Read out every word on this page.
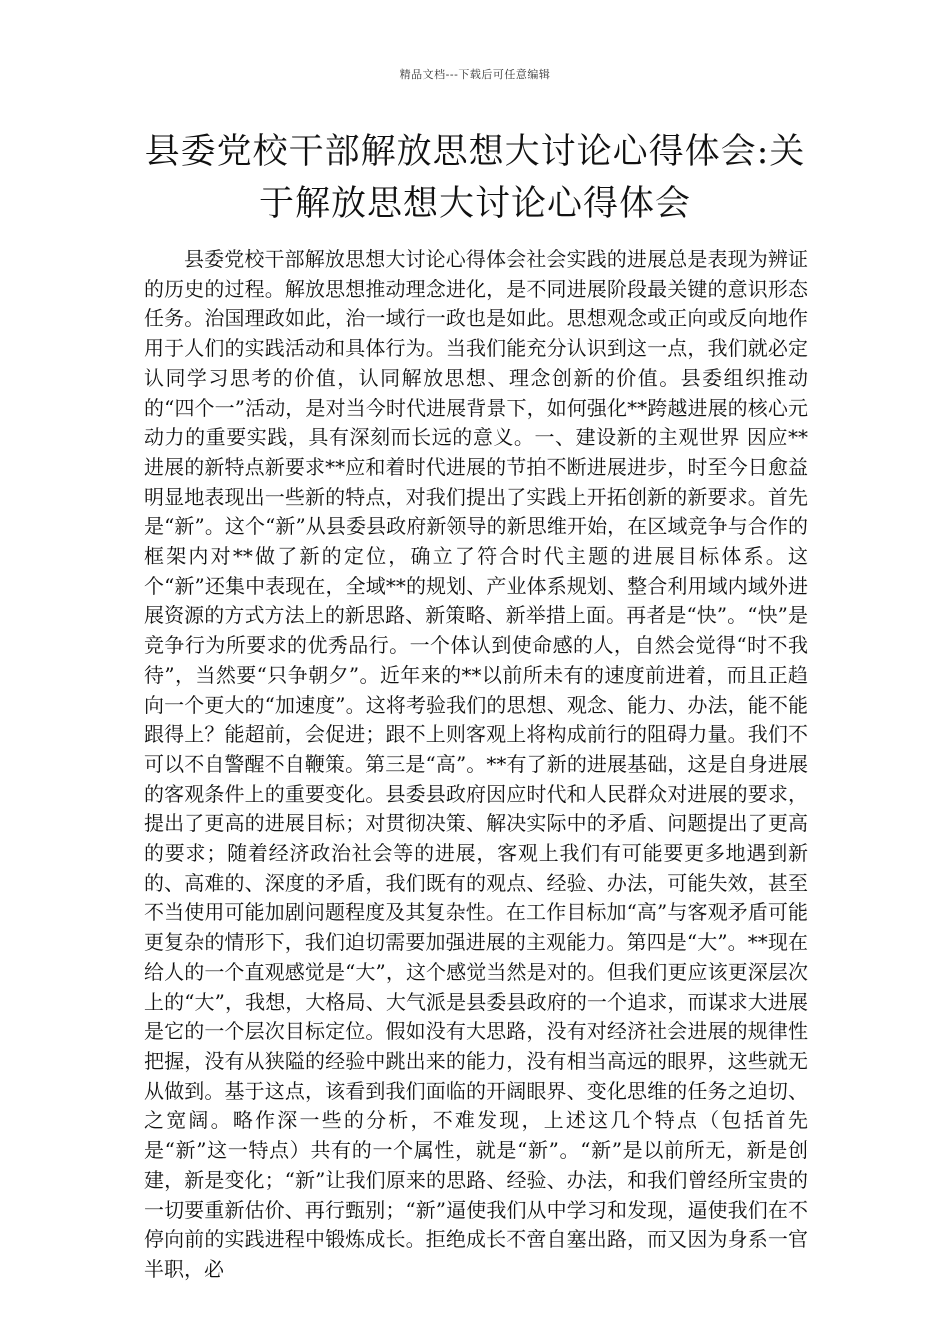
精品文档---下载后可任意编辑
县委党校干部解放思想大讨论心得体会:关于解放思想大讨论心得体会

县委党校干部解放思想大讨论心得体会社会实践的进展总是表现为辨证的历史的过程。解放思想推动理念进化，是不同进展阶段最关键的意识形态任务。治国理政如此，治一域行一政也是如此。思想观念或正向或反向地作用于人们的实践活动和具体行为。当我们能充分认识到这一点，我们就必定认同学习思考的价值，认同解放思想、理念创新的价值。县委组织推动的“四个一”活动，是对当今时代进展背景下，如何强化**跨越进展的核心元动力的重要实践，具有深刻而长远的意义。一、建设新的主观世界 因应**进展的新特点新要求**应和着时代进展的节拍不断进展进步，时至今日愈益明显地表现出一些新的特点，对我们提出了实践上开拓创新的新要求。首先是“新”。这个“新”从县委县政府新领导的新思维开始，在区域竞争与合作的框架内对**做了新的定位，确立了符合时代主题的进展目标体系。这个“新”还集中表现在，全域**的规划、产业体系规划、整合利用域内域外进展资源的方式方法上的新思路、新策略、新举措上面。再者是“快”。“快”是竞争行为所要求的优秀品行。一个体认到使命感的人，自然会觉得“时不我待”，当然要“只争朝夕”。近年来的**以前所未有的速度前进着，而且正趋向一个更大的“加速度”。这将考验我们的思想、观念、能力、办法，能不能跟得上？能超前，会促进；跟不上则客观上将构成前行的阻碍力量。我们不可以不自警醒不自鞭策。第三是“高”。**有了新的进展基础，这是自身进展的客观条件上的重要变化。县委县政府因应时代和人民群众对进展的要求，提出了更高的进展目标；对贯彻决策、解决实际中的矛盾、问题提出了更高的要求；随着经济政治社会等的进展，客观上我们有可能要更多地遇到新的、高难的、深度的矛盾，我们既有的观点、经验、办法，可能失效，甚至不当使用可能加剧问题程度及其复杂性。在工作目标加“高”与客观矛盾可能更复杂的情形下，我们迫切需要加强进展的主观能力。第四是“大”。**现在给人的一个直观感觉是“大”，这个感觉当然是对的。但我们更应该更深层次上的“大”，我想，大格局、大气派是县委县政府的一个追求，而谋求大进展是它的一个层次目标定位。假如没有大思路，没有对经济社会进展的规律性把握，没有从狭隘的经验中跳出来的能力，没有相当高远的眼界，这些就无从做到。基于这点，该看到我们面临的开阔眼界、变化思维的任务之迫切、之宽阔。略作深一些的分析，不难发现，上述这几个特点（包括首先是“新”这一特点）共有的一个属性，就是“新”。“新”是以前所无，新是创建，新是变化；“新”让我们原来的思路、经验、办法，和我们曾经所宝贵的一切要重新估价、再行甄别；“新”逼使我们从中学习和发现，逼使我们在不停向前的实践进程中锻炼成长。拒绝成长不啻自塞出路，而又因为身系一官半职，必
